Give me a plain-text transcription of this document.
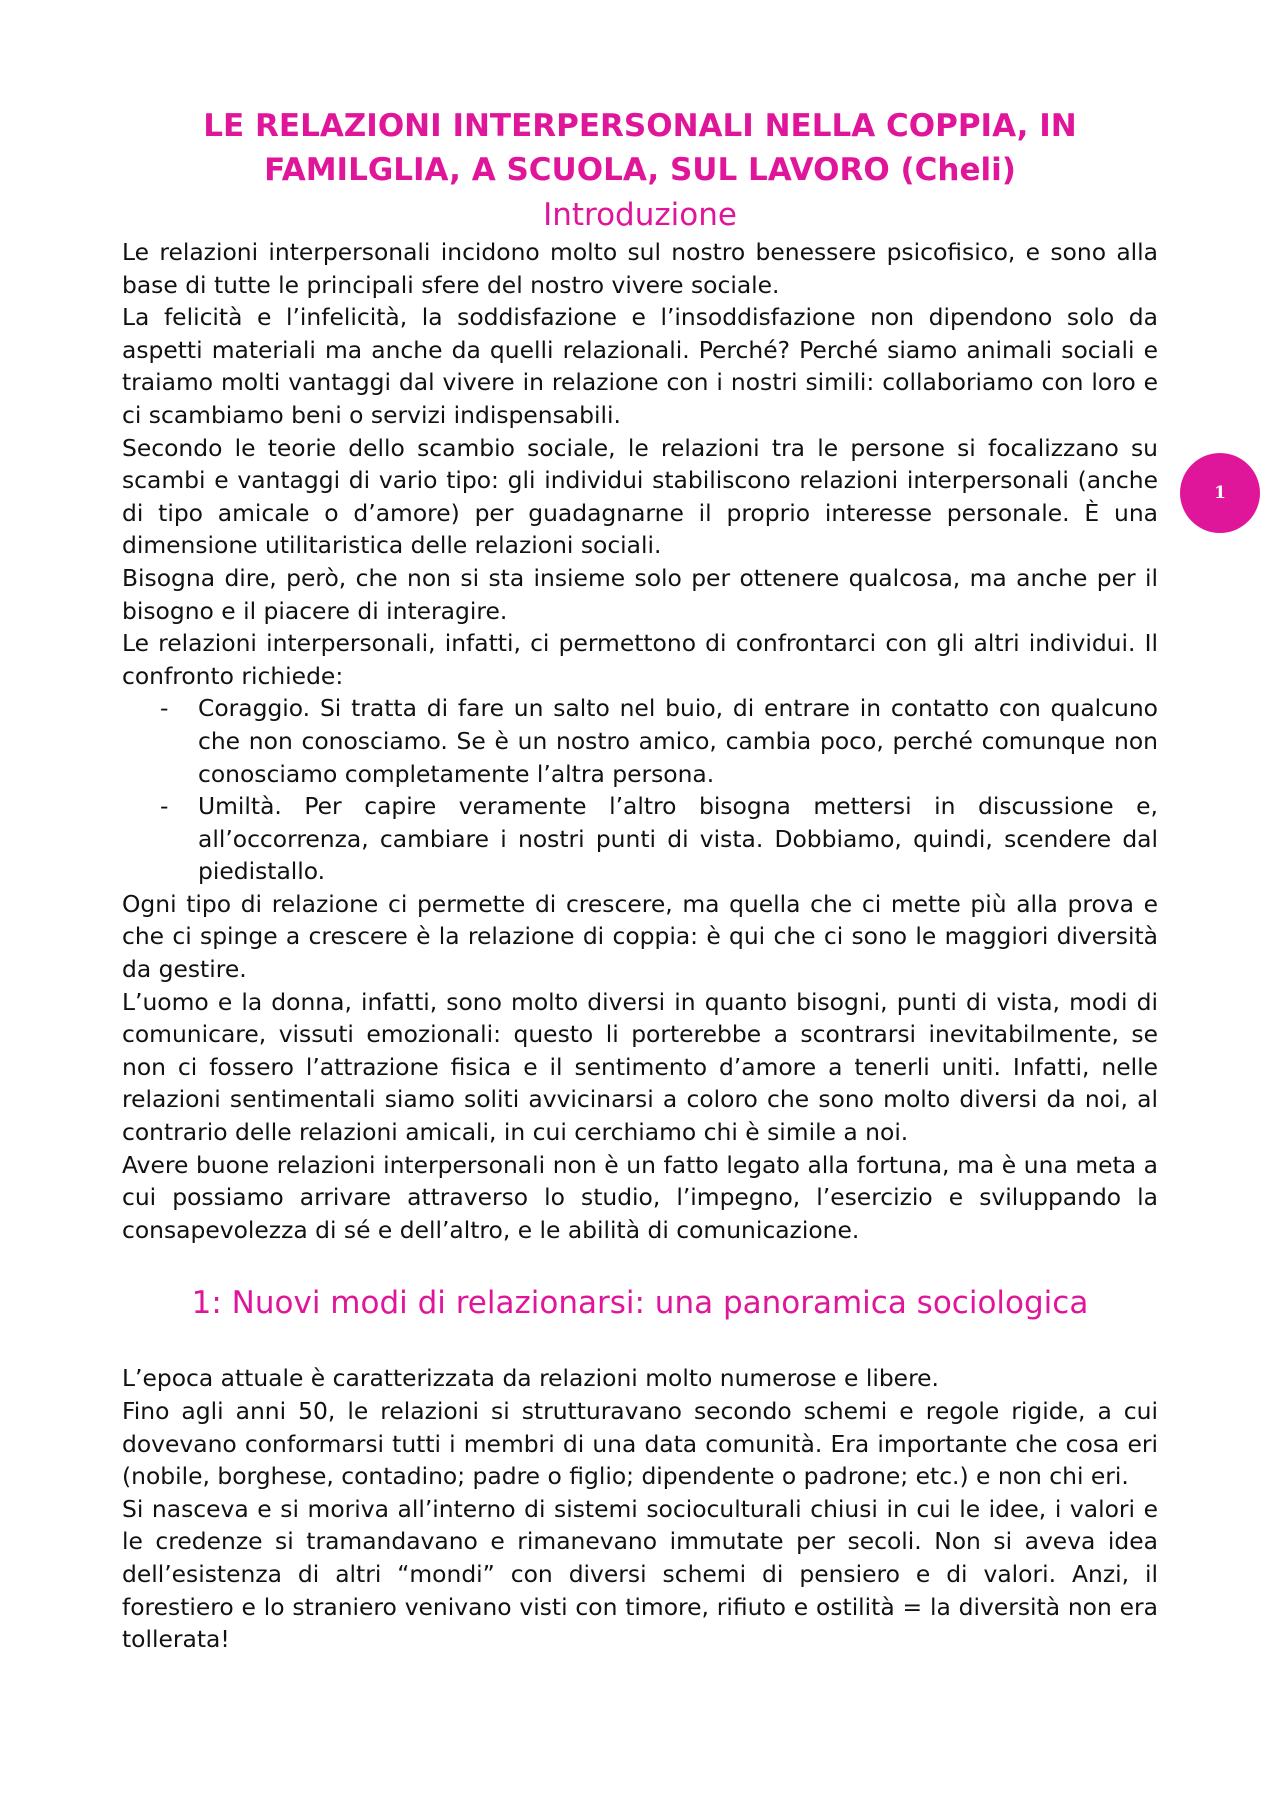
LE RELAZIONI INTERPERSONALI NELLA COPPIA, IN
FAMILGLIA, A SCUOLA, SUL LAVORO (Cheli)
Introduzione

Le relazioni interpersonali incidono molto sul nostro benessere psicofisico, e sono alla base di tutte le principali sfere del nostro vivere sociale.

La felicità e l’infelicità, la soddisfazione e l’insoddisfazione non dipendono solo da aspetti materiali ma anche da quelli relazionali. Perché? Perché siamo animali sociali e traiamo molti vantaggi dal vivere in relazione con i nostri simili: collaboriamo con loro e ci scambiamo beni o servizi indispensabili.

Secondo le teorie dello scambio sociale, le relazioni tra le persone si focalizzano su scambi e vantaggi di vario tipo: gli individui stabiliscono relazioni interpersonali (anche di tipo amicale o d’amore) per guadagnarne il proprio interesse personale. È una dimensione utilitaristica delle relazioni sociali.

Bisogna dire, però, che non si sta insieme solo per ottenere qualcosa, ma anche per il bisogno e il piacere di interagire.

Le relazioni interpersonali, infatti, ci permettono di confrontarci con gli altri individui. Il confronto richiede:

- Coraggio. Si tratta di fare un salto nel buio, di entrare in contatto con qualcuno che non conosciamo. Se è un nostro amico, cambia poco, perché comunque non conosciamo completamente l’altra persona.
- Umiltà. Per capire veramente l’altro bisogna mettersi in discussione e, all’occorrenza, cambiare i nostri punti di vista. Dobbiamo, quindi, scendere dal piedistallo.

Ogni tipo di relazione ci permette di crescere, ma quella che ci mette più alla prova e che ci spinge a crescere è la relazione di coppia: è qui che ci sono le maggiori diversità da gestire.

L’uomo e la donna, infatti, sono molto diversi in quanto bisogni, punti di vista, modi di comunicare, vissuti emozionali: questo li porterebbe a scontrarsi inevitabilmente, se non ci fossero l’attrazione fisica e il sentimento d’amore a tenerli uniti. Infatti, nelle relazioni sentimentali siamo soliti avvicinarsi a coloro che sono molto diversi da noi, al contrario delle relazioni amicali, in cui cerchiamo chi è simile a noi.

Avere buone relazioni interpersonali non è un fatto legato alla fortuna, ma è una meta a cui possiamo arrivare attraverso lo studio, l’impegno, l’esercizio e sviluppando la consapevolezza di sé e dell’altro, e le abilità di comunicazione.

1: Nuovi modi di relazionarsi: una panoramica sociologica

L’epoca attuale è caratterizzata da relazioni molto numerose e libere.

Fino agli anni 50, le relazioni si strutturavano secondo schemi e regole rigide, a cui dovevano conformarsi tutti i membri di una data comunità. Era importante che cosa eri (nobile, borghese, contadino; padre o figlio; dipendente o padrone; etc.) e non chi eri.

Si nasceva e si moriva all’interno di sistemi socioculturali chiusi in cui le idee, i valori e le credenze si tramandavano e rimanevano immutate per secoli. Non si aveva idea dell’esistenza di altri “mondi” con diversi schemi di pensiero e di valori. Anzi, il forestiero e lo straniero venivano visti con timore, rifiuto e ostilità = la diversità non era tollerata!

1
